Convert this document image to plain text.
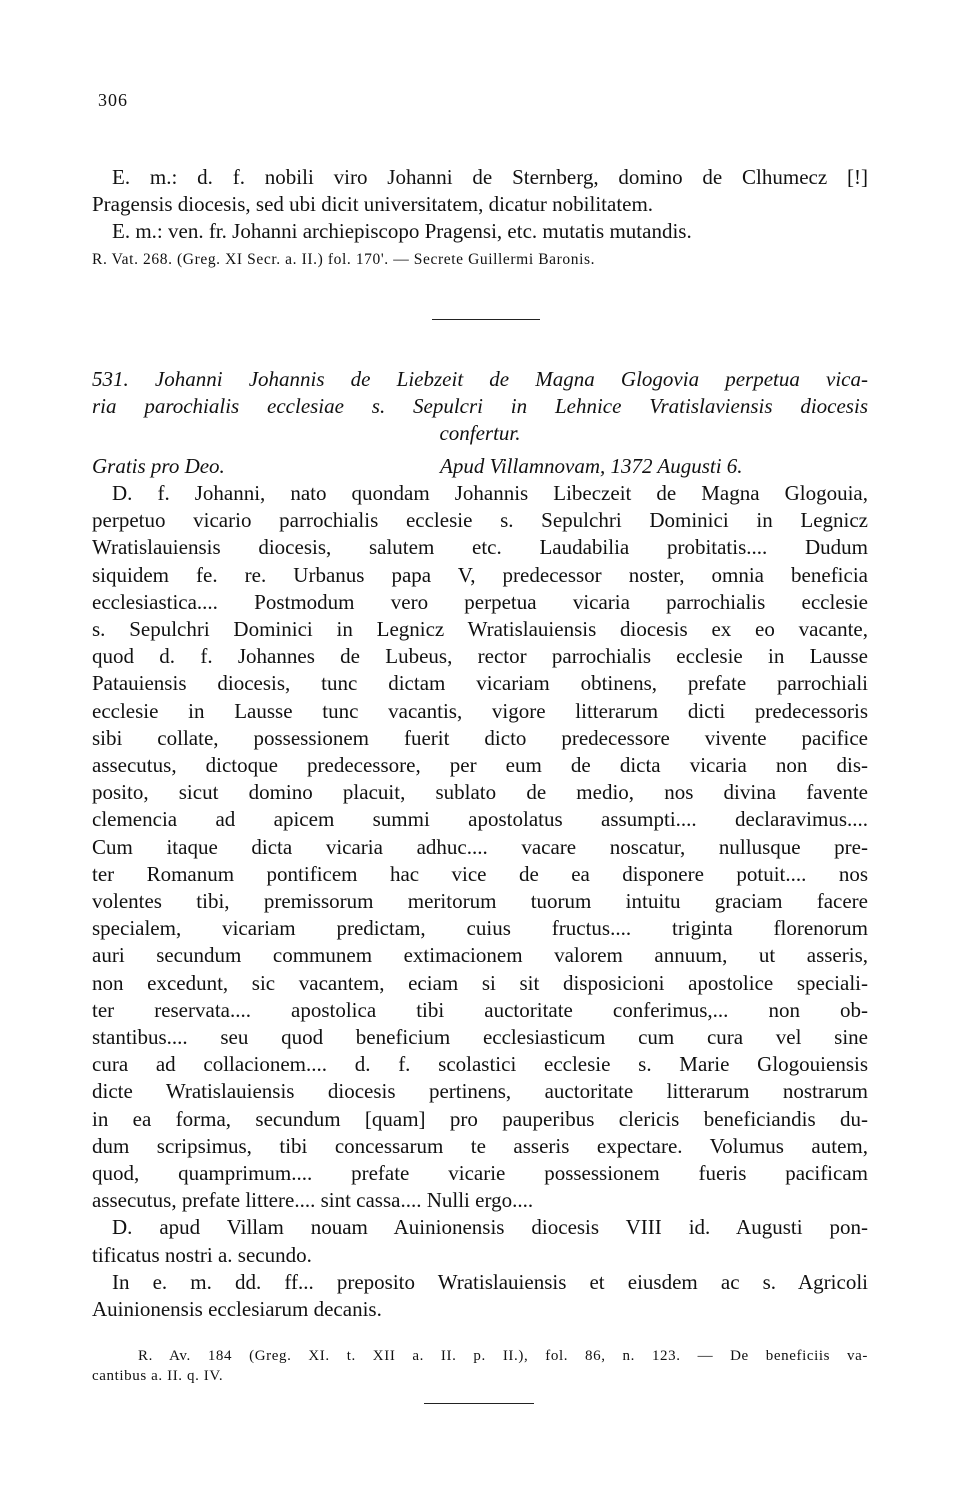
306
E. m.: d. f. nobili viro Johanni de Sternberg, domino de Clhumecz [!]
Pragensis diocesis, sed ubi dicit universitatem, dicatur nobilitatem.
E. m.: ven. fr. Johanni archiepiscopo Pragensi, etc. mutatis mutandis.
R. Vat. 268. (Greg. XI Secr. a. II.) fol. 170'. — Secrete Guillermi Baronis.
531. Johanni Johannis de Liebzeit de Magna Glogovia perpetua vica-
ria parochialis ecclesiae s. Sepulcri in Lehnice Vratislaviensis diocesis
confertur.
Gratis pro Deo.	Apud Villamnovam, 1372 Augusti 6.
D. f. Johanni, nato quondam Johannis Libeczeit de Magna Glogouia,
perpetuo vicario parrochialis ecclesie s. Sepulchri Dominici in Legnicz
Wratislauiensis diocesis, salutem etc. Laudabilia probitatis.... Dudum
siquidem fe. re. Urbanus papa V, predecessor noster, omnia beneficia
ecclesiastica.... Postmodum vero perpetua vicaria parrochialis ecclesie
s. Sepulchri Dominici in Legnicz Wratislauiensis diocesis ex eo vacante,
quod d. f. Johannes de Lubeus, rector parrochialis ecclesie in Lausse
Patauiensis diocesis, tunc dictam vicariam obtinens, prefate parrochiali
ecclesie in Lausse tunc vacantis, vigore litterarum dicti predecessoris
sibi collate, possessionem fuerit dicto predecessore vivente pacifice
assecutus, dictoque predecessore, per eum de dicta vicaria non dis-
posito, sicut domino placuit, sublato de medio, nos divina favente
clemencia ad apicem summi apostolatus assumpti.... declaravimus....
Cum itaque dicta vicaria adhuc.... vacare noscatur, nullusque pre-
ter Romanum pontificem hac vice de ea disponere potuit.... nos
volentes tibi, premissorum meritorum tuorum intuitu graciam facere
specialem, vicariam predictam, cuius fructus.... triginta florenorum
auri secundum communem extimacionem valorem annuum, ut asseris,
non excedunt, sic vacantem, eciam si sit disposicioni apostolice speciali-
ter reservata.... apostolica tibi auctoritate conferimus,... non ob-
stantibus.... seu quod beneficium ecclesiasticum cum cura vel sine
cura ad collacionem.... d. f. scolastici ecclesie s. Marie Glogouiensis
dicte Wratislauiensis diocesis pertinens, auctoritate litterarum nostrarum
in ea forma, secundum [quam] pro pauperibus clericis beneficiandis du-
dum scripsimus, tibi concessarum te asseris expectare. Volumus autem,
quod, quamprimum.... prefate vicarie possessionem fueris pacificam
assecutus, prefate littere.... sint cassa.... Nulli ergo....
D. apud Villam nouam Auinionensis diocesis VIII id. Augusti pon-
tificatus nostri a. secundo.
In e. m. dd. ff... preposito Wratislauiensis et eiusdem ac s. Agricoli
Auinionensis ecclesiarum decanis.
R. Av. 184 (Greg. XI. t. XII a. II. p. II.), fol. 86, n. 123. — De beneficiis va-
cantibus a. II. q. IV.
